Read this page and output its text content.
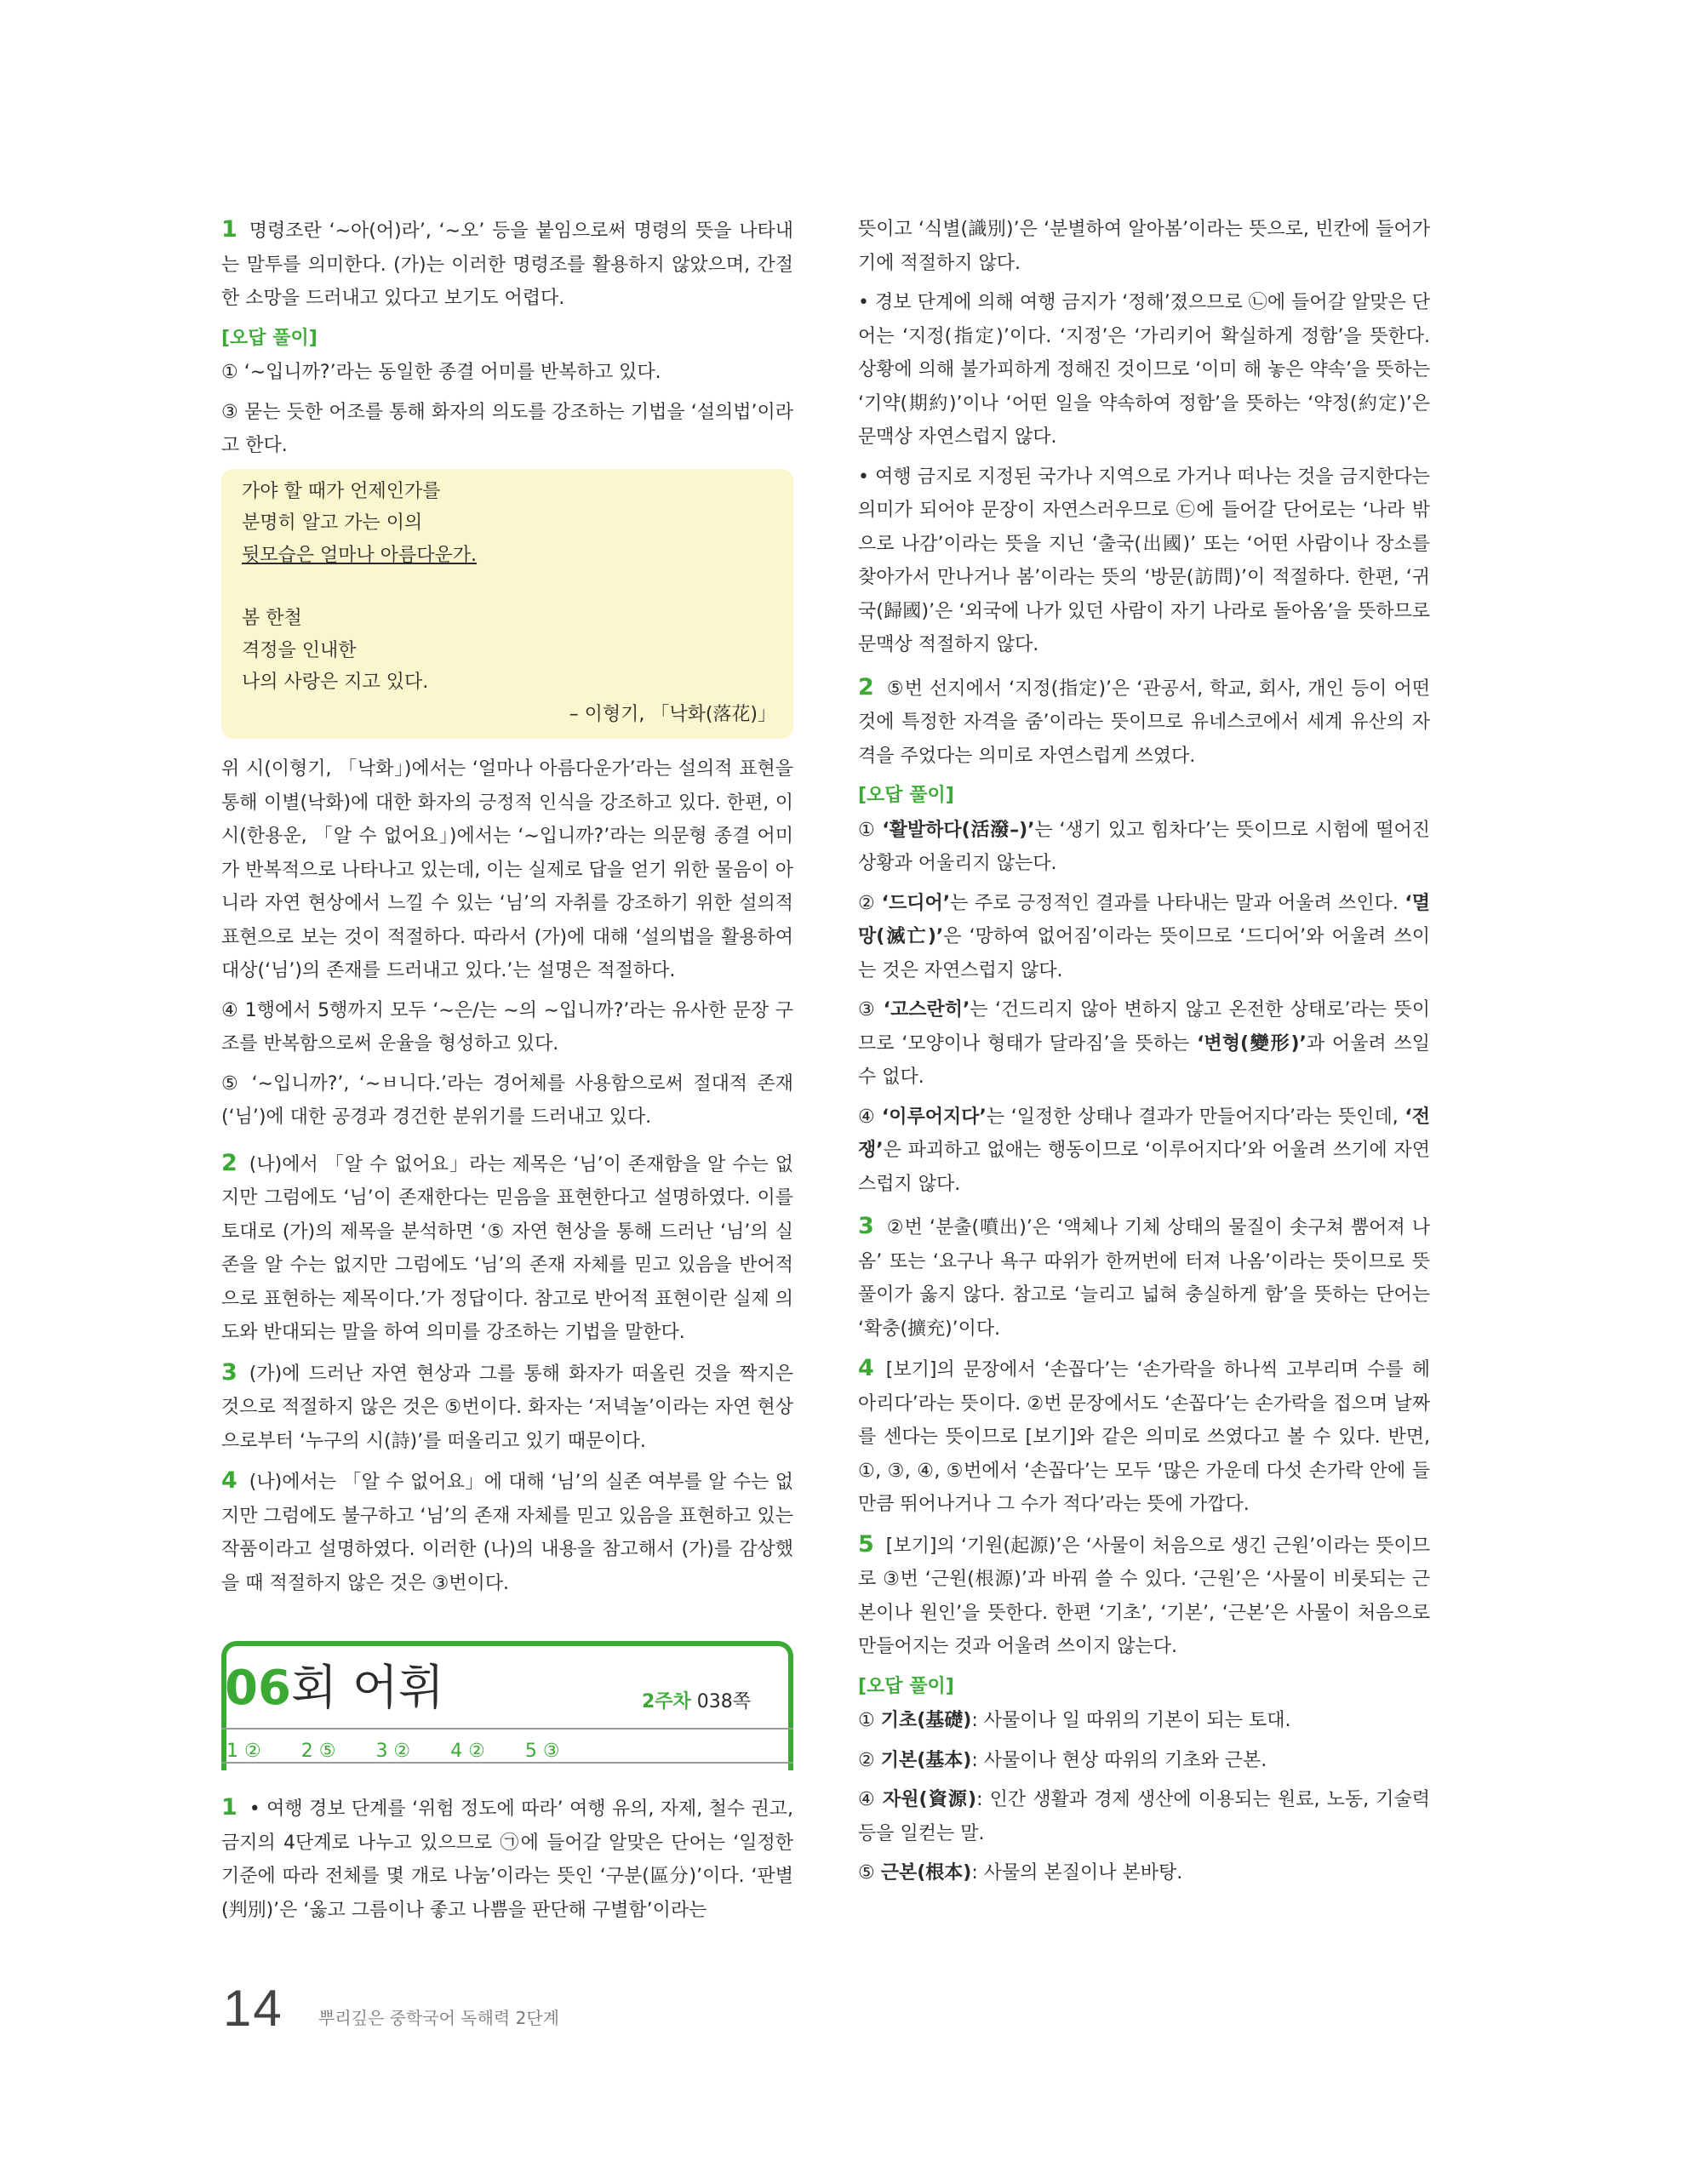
1 명령조란 ‘∼아(어)라’, ‘∼오’ 등을 붙임으로써 명령의 뜻을 나타내는 말투를 의미한다. (가)는 이러한 명령조를 활용하지 않았으며, 간절한 소망을 드러내고 있다고 보기도 어렵다.

[오답 풀이]

① ‘∼입니까?’라는 동일한 종결 어미를 반복하고 있다.

③ 묻는 듯한 어조를 통해 화자의 의도를 강조하는 기법을 ‘설의법’이라고 한다.

가야 할 때가 언제인가를
분명히 알고 가는 이의
뒷모습은 얼마나 아름다운가.
봄 한철
격정을 인내한
나의 사랑은 지고 있다.
– 이형기, 「낙화(落花)」

위 시(이형기, 「낙화」)에서는 ‘얼마나 아름다운가’라는 설의적 표현을 통해 이별(낙화)에 대한 화자의 긍정적 인식을 강조하고 있다. 한편, 이 시(한용운, 「알 수 없어요」)에서는 ‘∼입니까?’라는 의문형 종결 어미가 반복적으로 나타나고 있는데, 이는 실제로 답을 얻기 위한 물음이 아니라 자연 현상에서 느낄 수 있는 ‘님’의 자취를 강조하기 위한 설의적 표현으로 보는 것이 적절하다. 따라서 (가)에 대해 ‘설의법을 활용하여 대상(‘님’)의 존재를 드러내고 있다.’는 설명은 적절하다.

④ 1행에서 5행까지 모두 ‘∼은/는 ∼의 ∼입니까?’라는 유사한 문장 구조를 반복함으로써 운율을 형성하고 있다.

⑤ ‘∼입니까?’, ‘∼ㅂ니다.’라는 경어체를 사용함으로써 절대적 존재(‘님’)에 대한 공경과 경건한 분위기를 드러내고 있다.

2 (나)에서 「알 수 없어요」라는 제목은 ‘님’이 존재함을 알 수는 없지만 그럼에도 ‘님’이 존재한다는 믿음을 표현한다고 설명하였다. 이를 토대로 (가)의 제목을 분석하면 ‘⑤ 자연 현상을 통해 드러난 ‘님’의 실존을 알 수는 없지만 그럼에도 ‘님’의 존재 자체를 믿고 있음을 반어적으로 표현하는 제목이다.’가 정답이다. 참고로 반어적 표현이란 실제 의도와 반대되는 말을 하여 의미를 강조하는 기법을 말한다.

3 (가)에 드러난 자연 현상과 그를 통해 화자가 떠올린 것을 짝지은 것으로 적절하지 않은 것은 ⑤번이다. 화자는 ‘저녁놀’이라는 자연 현상으로부터 ‘누구의 시(詩)’를 떠올리고 있기 때문이다.

4 (나)에서는 「알 수 없어요」에 대해 ‘님’의 실존 여부를 알 수는 없지만 그럼에도 불구하고 ‘님’의 존재 자체를 믿고 있음을 표현하고 있는 작품이라고 설명하였다. 이러한 (나)의 내용을 참고해서 (가)를 감상했을 때 적절하지 않은 것은 ③번이다.

06회 어휘	2주차 038쪽
1 ② 2 ⑤ 3 ② 4 ② 5 ③

1 • 여행 경보 단계를 ‘위험 정도에 따라’ 여행 유의, 자제, 철수 권고, 금지의 4단계로 나누고 있으므로 ㉠에 들어갈 알맞은 단어는 ‘일정한 기준에 따라 전체를 몇 개로 나눔’이라는 뜻인 ‘구분(區分)’이다. ‘판별(判別)’은 ‘옳고 그름이나 좋고 나쁨을 판단해 구별함’이라는

뜻이고 ‘식별(識別)’은 ‘분별하여 알아봄’이라는 뜻으로, 빈칸에 들어가기에 적절하지 않다.

• 경보 단계에 의해 여행 금지가 ‘정해’졌으므로 ㉡에 들어갈 알맞은 단어는 ‘지정(指定)’이다. ‘지정’은 ‘가리키어 확실하게 정함’을 뜻한다. 상황에 의해 불가피하게 정해진 것이므로 ‘이미 해 놓은 약속’을 뜻하는 ‘기약(期約)’이나 ‘어떤 일을 약속하여 정함’을 뜻하는 ‘약정(約定)’은 문맥상 자연스럽지 않다.

• 여행 금지로 지정된 국가나 지역으로 가거나 떠나는 것을 금지한다는 의미가 되어야 문장이 자연스러우므로 ㉢에 들어갈 단어로는 ‘나라 밖으로 나감’이라는 뜻을 지닌 ‘출국(出國)’ 또는 ‘어떤 사람이나 장소를 찾아가서 만나거나 봄’이라는 뜻의 ‘방문(訪問)’이 적절하다. 한편, ‘귀국(歸國)’은 ‘외국에 나가 있던 사람이 자기 나라로 돌아옴’을 뜻하므로 문맥상 적절하지 않다.

2 ⑤번 선지에서 ‘지정(指定)’은 ‘관공서, 학교, 회사, 개인 등이 어떤 것에 특정한 자격을 줌’이라는 뜻이므로 유네스코에서 세계 유산의 자격을 주었다는 의미로 자연스럽게 쓰였다.

[오답 풀이]

① ‘활발하다(活潑–)’는 ‘생기 있고 힘차다’는 뜻이므로 시험에 떨어진 상황과 어울리지 않는다.

② ‘드디어’는 주로 긍정적인 결과를 나타내는 말과 어울려 쓰인다. ‘멸망(滅亡)’은 ‘망하여 없어짐’이라는 뜻이므로 ‘드디어’와 어울려 쓰이는 것은 자연스럽지 않다.

③ ‘고스란히’는 ‘건드리지 않아 변하지 않고 온전한 상태로’라는 뜻이므로 ‘모양이나 형태가 달라짐’을 뜻하는 ‘변형(變形)’과 어울려 쓰일 수 없다.

④ ‘이루어지다’는 ‘일정한 상태나 결과가 만들어지다’라는 뜻인데, ‘전쟁’은 파괴하고 없애는 행동이므로 ‘이루어지다’와 어울려 쓰기에 자연스럽지 않다.

3 ②번 ‘분출(噴出)’은 ‘액체나 기체 상태의 물질이 솟구쳐 뿜어져 나옴’ 또는 ‘요구나 욕구 따위가 한꺼번에 터져 나옴’이라는 뜻이므로 뜻풀이가 옳지 않다. 참고로 ‘늘리고 넓혀 충실하게 함’을 뜻하는 단어는 ‘확충(擴充)’이다.

4 [보기]의 문장에서 ‘손꼽다’는 ‘손가락을 하나씩 고부리며 수를 헤아리다’라는 뜻이다. ②번 문장에서도 ‘손꼽다’는 손가락을 접으며 날짜를 센다는 뜻이므로 [보기]와 같은 의미로 쓰였다고 볼 수 있다. 반면, ①, ③, ④, ⑤번에서 ‘손꼽다’는 모두 ‘많은 가운데 다섯 손가락 안에 들 만큼 뛰어나거나 그 수가 적다’라는 뜻에 가깝다.

5 [보기]의 ‘기원(起源)’은 ‘사물이 처음으로 생긴 근원’이라는 뜻이므로 ③번 ‘근원(根源)’과 바꿔 쓸 수 있다. ‘근원’은 ‘사물이 비롯되는 근본이나 원인’을 뜻한다. 한편 ‘기초’, ‘기본’, ‘근본’은 사물이 처음으로 만들어지는 것과 어울려 쓰이지 않는다.

[오답 풀이]

① 기초(基礎): 사물이나 일 따위의 기본이 되는 토대.

② 기본(基本): 사물이나 현상 따위의 기초와 근본.

④ 자원(資源): 인간 생활과 경제 생산에 이용되는 원료, 노동, 기술력 등을 일컫는 말.

⑤ 근본(根本): 사물의 본질이나 본바탕.

14 뿌리깊은 중학국어 독해력 2단계
